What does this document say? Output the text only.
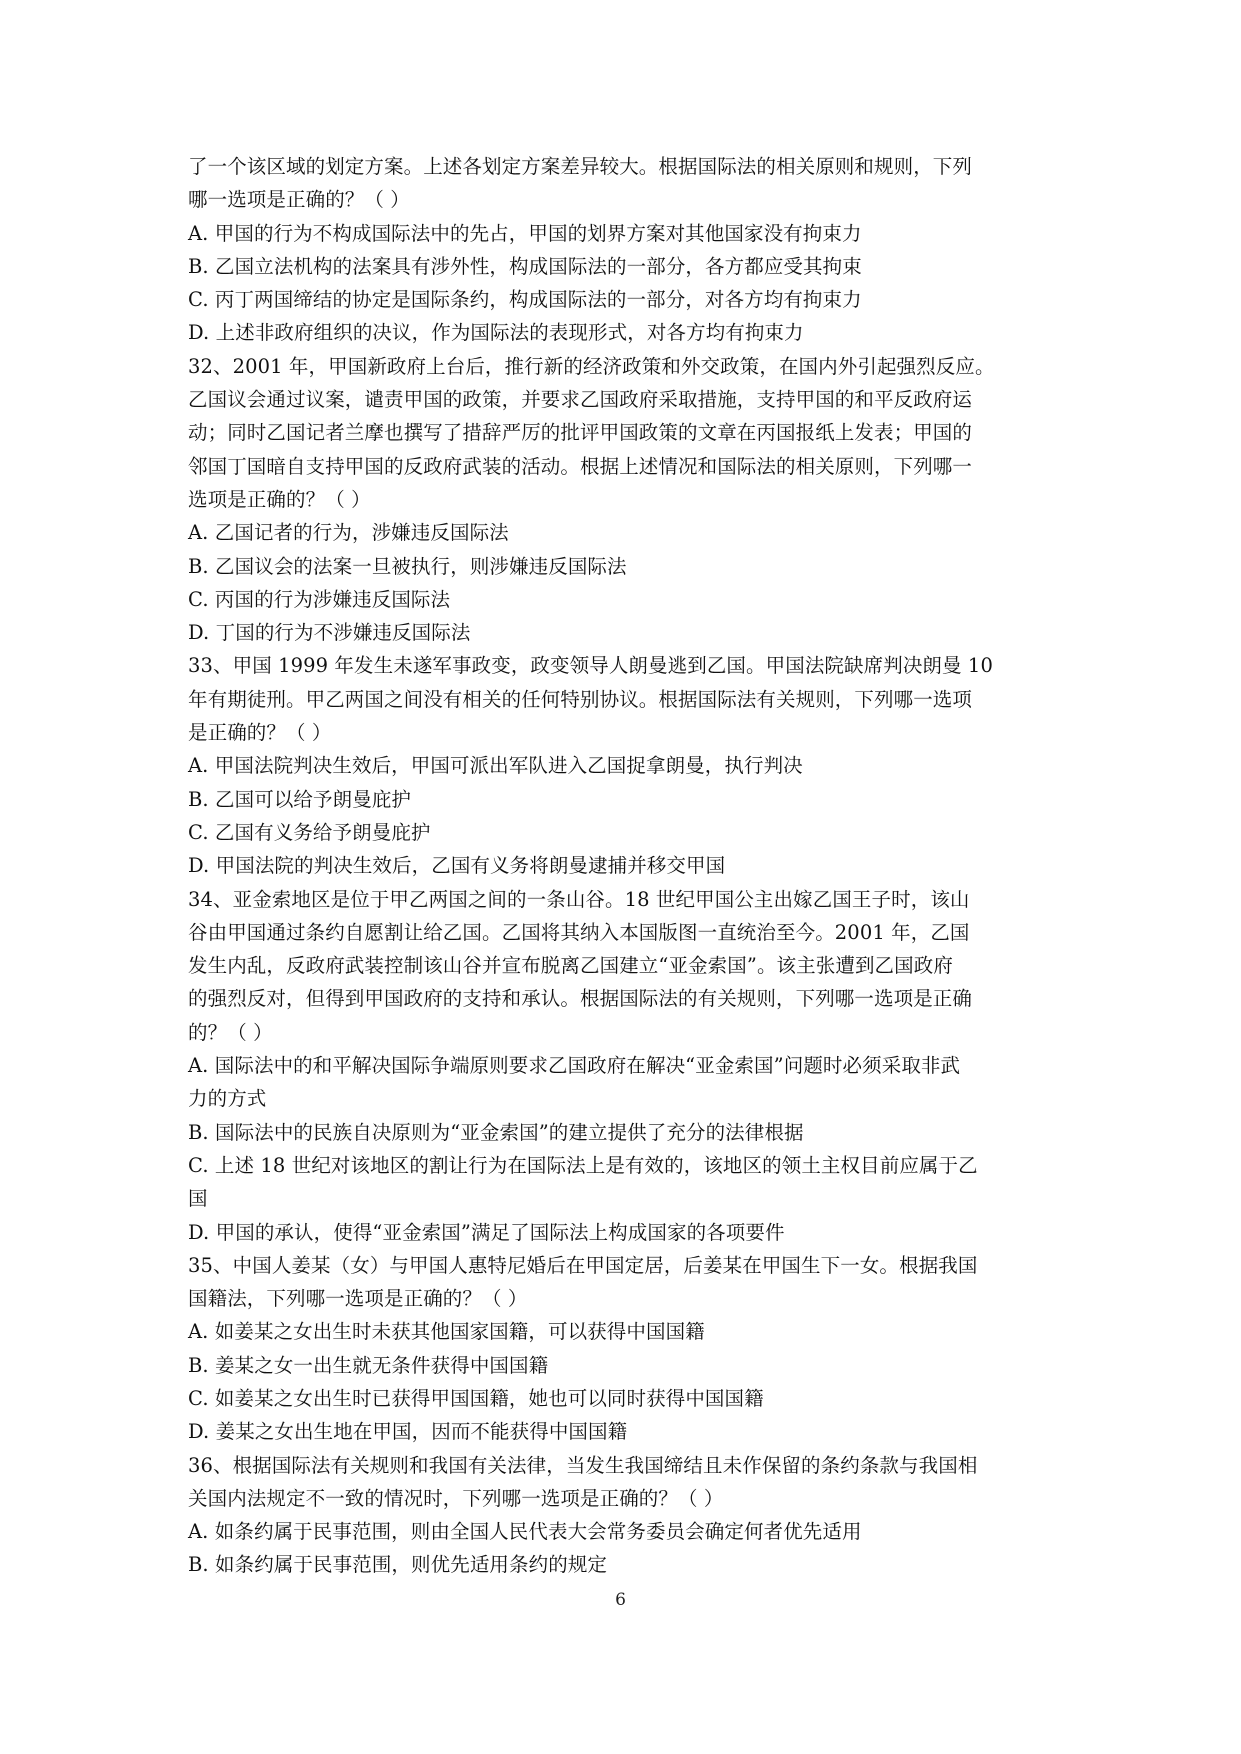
了一个该区域的划定方案。上述各划定方案差异较大。根据国际法的相关原则和规则，下列
哪一选项是正确的？（ ）
A. 甲国的行为不构成国际法中的先占，甲国的划界方案对其他国家没有拘束力
B. 乙国立法机构的法案具有涉外性，构成国际法的一部分，各方都应受其拘束
C. 丙丁两国缔结的协定是国际条约，构成国际法的一部分，对各方均有拘束力
D. 上述非政府组织的决议，作为国际法的表现形式，对各方均有拘束力
32、2001 年，甲国新政府上台后，推行新的经济政策和外交政策，在国内外引起强烈反应。
乙国议会通过议案，谴责甲国的政策，并要求乙国政府采取措施，支持甲国的和平反政府运
动；同时乙国记者兰摩也撰写了措辞严厉的批评甲国政策的文章在丙国报纸上发表；甲国的
邻国丁国暗自支持甲国的反政府武装的活动。根据上述情况和国际法的相关原则，下列哪一
选项是正确的？（ ）
A. 乙国记者的行为，涉嫌违反国际法
B. 乙国议会的法案一旦被执行，则涉嫌违反国际法
C. 丙国的行为涉嫌违反国际法
D. 丁国的行为不涉嫌违反国际法
33、甲国 1999 年发生未遂军事政变，政变领导人朗曼逃到乙国。甲国法院缺席判决朗曼 10
年有期徒刑。甲乙两国之间没有相关的任何特别协议。根据国际法有关规则，下列哪一选项
是正确的？（ ）
A. 甲国法院判决生效后，甲国可派出军队进入乙国捉拿朗曼，执行判决
B. 乙国可以给予朗曼庇护
C. 乙国有义务给予朗曼庇护
D. 甲国法院的判决生效后，乙国有义务将朗曼逮捕并移交甲国
34、亚金索地区是位于甲乙两国之间的一条山谷。18 世纪甲国公主出嫁乙国王子时，该山
谷由甲国通过条约自愿割让给乙国。乙国将其纳入本国版图一直统治至今。2001 年，乙国
发生内乱，反政府武装控制该山谷并宣布脱离乙国建立“亚金索国”。该主张遭到乙国政府
的强烈反对，但得到甲国政府的支持和承认。根据国际法的有关规则，下列哪一选项是正确
的？（ ）
A. 国际法中的和平解决国际争端原则要求乙国政府在解决“亚金索国”问题时必须采取非武
力的方式
B. 国际法中的民族自决原则为“亚金索国”的建立提供了充分的法律根据
C. 上述 18 世纪对该地区的割让行为在国际法上是有效的，该地区的领土主权目前应属于乙
国
D. 甲国的承认，使得“亚金索国”满足了国际法上构成国家的各项要件
35、中国人姜某（女）与甲国人惠特尼婚后在甲国定居，后姜某在甲国生下一女。根据我国
国籍法，下列哪一选项是正确的？（ ）
A. 如姜某之女出生时未获其他国家国籍，可以获得中国国籍
B. 姜某之女一出生就无条件获得中国国籍
C. 如姜某之女出生时已获得甲国国籍，她也可以同时获得中国国籍
D. 姜某之女出生地在甲国，因而不能获得中国国籍
36、根据国际法有关规则和我国有关法律，当发生我国缔结且未作保留的条约条款与我国相
关国内法规定不一致的情况时，下列哪一选项是正确的？（ ）
A. 如条约属于民事范围，则由全国人民代表大会常务委员会确定何者优先适用
B. 如条约属于民事范围，则优先适用条约的规定
6
